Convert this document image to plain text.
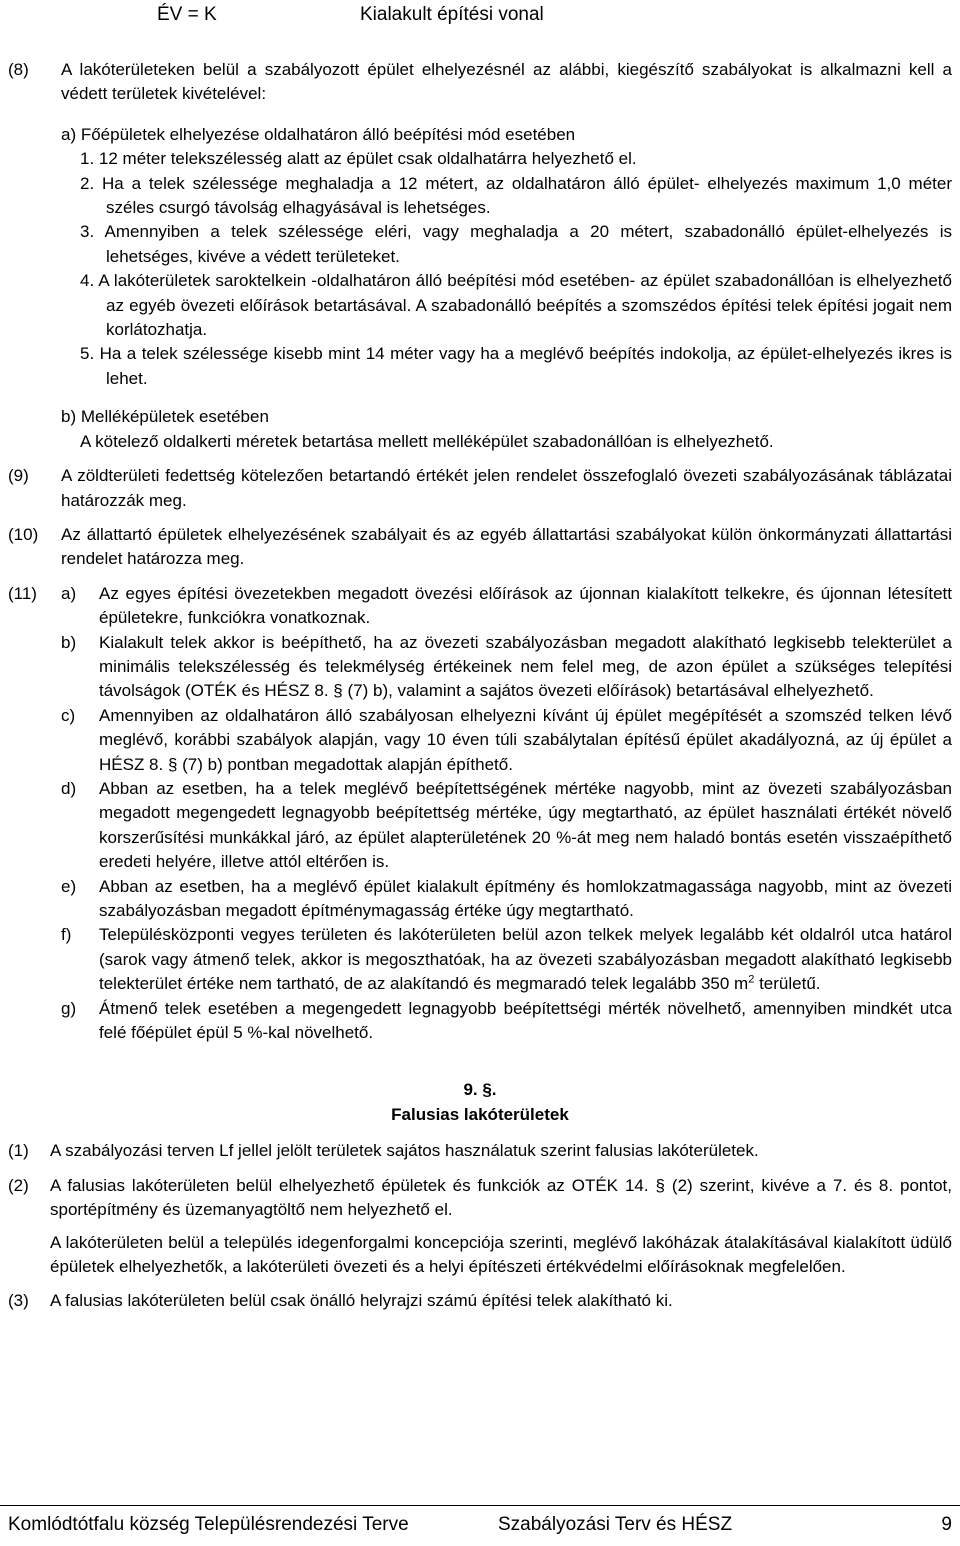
ÉV = K	Kialakult építési vonal
(8) A lakóterületeken belül a szabályozott épület elhelyezésnél az alábbi, kiegészítő szabályokat is alkalmazni kell a védett területek kivételével:
a) Főépületek elhelyezése oldalhatáron álló beépítési mód esetében
1. 12 méter telekszélesség alatt az épület csak oldalhatárra helyezhető el.
2. Ha a telek szélessége meghaladja a 12 métert, az oldalhatáron álló épület- elhelyezés maximum 1,0 méter széles csurgó távolság elhagyásával is lehetséges.
3. Amennyiben a telek szélessége eléri, vagy meghaladja a 20 métert, szabadonálló épület-elhelyezés is lehetséges, kivéve a védett területeket.
4. A lakóterületek saroktelkein -oldalhatáron álló beépítési mód esetében- az épület szabadonállóan is elhelyezhető az egyéb övezeti előírások betartásával. A szabadonálló beépítés a szomszédos építési telek építési jogait nem korlátozhatja.
5. Ha a telek szélessége kisebb mint 14 méter vagy ha a meglévő beépítés indokolja, az épület-elhelyezés ikres is lehet.
b) Melléképületek esetében
A kötelező oldalkerti méretek betartása mellett melléképület szabadonállóan is elhelyezhető.
(9) A zöldterületi fedettség kötelezően betartandó értékét jelen rendelet összefoglaló övezeti szabályozásának táblázatai határozzák meg.
(10) Az állattartó épületek elhelyezésének szabályait és az egyéb állattartási szabályokat külön önkormányzati állattartási rendelet határozza meg.
(11) a) Az egyes építési övezetekben megadott övezési előírások az újonnan kialakított telkekre, és újonnan létesített épületekre, funkciókra vonatkoznak.
b) Kialakult telek akkor is beépíthető, ha az övezeti szabályozásban megadott alakítható legkisebb telekterület a minimális telekszélesség és telekmélység értékeinek nem felel meg, de azon épület a szükséges telepítési távolságok (OTÉK és HÉSZ 8. § (7) b), valamint a sajátos övezeti előírások) betartásával elhelyezhető.
c) Amennyiben az oldalhatáron álló szabályosan elhelyezni kívánt új épület megépítését a szomszéd telken lévő meglévő, korábbi szabályok alapján, vagy 10 éven túli szabálytalan építésű épület akadályozná, az új épület a HÉSZ 8. § (7) b) pontban megadottak alapján építhető.
d) Abban az esetben, ha a telek meglévő beépítettségének mértéke nagyobb, mint az övezeti szabályozásban megadott megengedett legnagyobb beépítettség mértéke, úgy megtartható, az épület használati értékét növelő korszerűsítési munkákkal járó, az épület alapterületének 20 %-át meg nem haladó bontás esetén visszaépíthető eredeti helyére, illetve attól eltérően is.
e) Abban az esetben, ha a meglévő épület kialakult építmény és homlokzatmagassága nagyobb, mint az övezeti szabályozásban megadott építménymagasság értéke úgy megtartható.
f) Településközponti vegyes területen és lakóterületen belül azon telkek melyek legalább két oldalról utca határol (sarok vagy átmenő telek, akkor is megoszthatóak, ha az övezeti szabályozásban megadott alakítható legkisebb telekterület értéke nem tartható, de az alakítandó és megmaradó telek legalább 350 $m^2$ területű.
g) Átmenő telek esetében a megengedett legnagyobb beépítettségi mérték növelhető, amennyiben mindkét utca felé főépület épül 5 %-kal növelhető.
9. §.
Falusias lakóterületek
(1) A szabályozási terven Lf jellel jelölt területek sajátos használatuk szerint falusias lakóterületek.
(2) A falusias lakóterületen belül elhelyezhető épületek és funkciók az OTÉK 14. § (2) szerint, kivéve a 7. és 8. pontot, sportépítmény és üzemanyagtöltő nem helyezhető el.
A lakóterületen belül a település idegenforgalmi koncepciója szerinti, meglévő lakóházak átalakításával kialakított üdülő épületek elhelyezhetők, a lakóterületi övezeti és a helyi építészeti értékvédelmi előírásoknak megfelelően.
(3) A falusias lakóterületen belül csak önálló helyrajzi számú építési telek alakítható ki.
Komlódtótfalu község Településrendezési Terve	Szabályozási Terv és HÉSZ	9
